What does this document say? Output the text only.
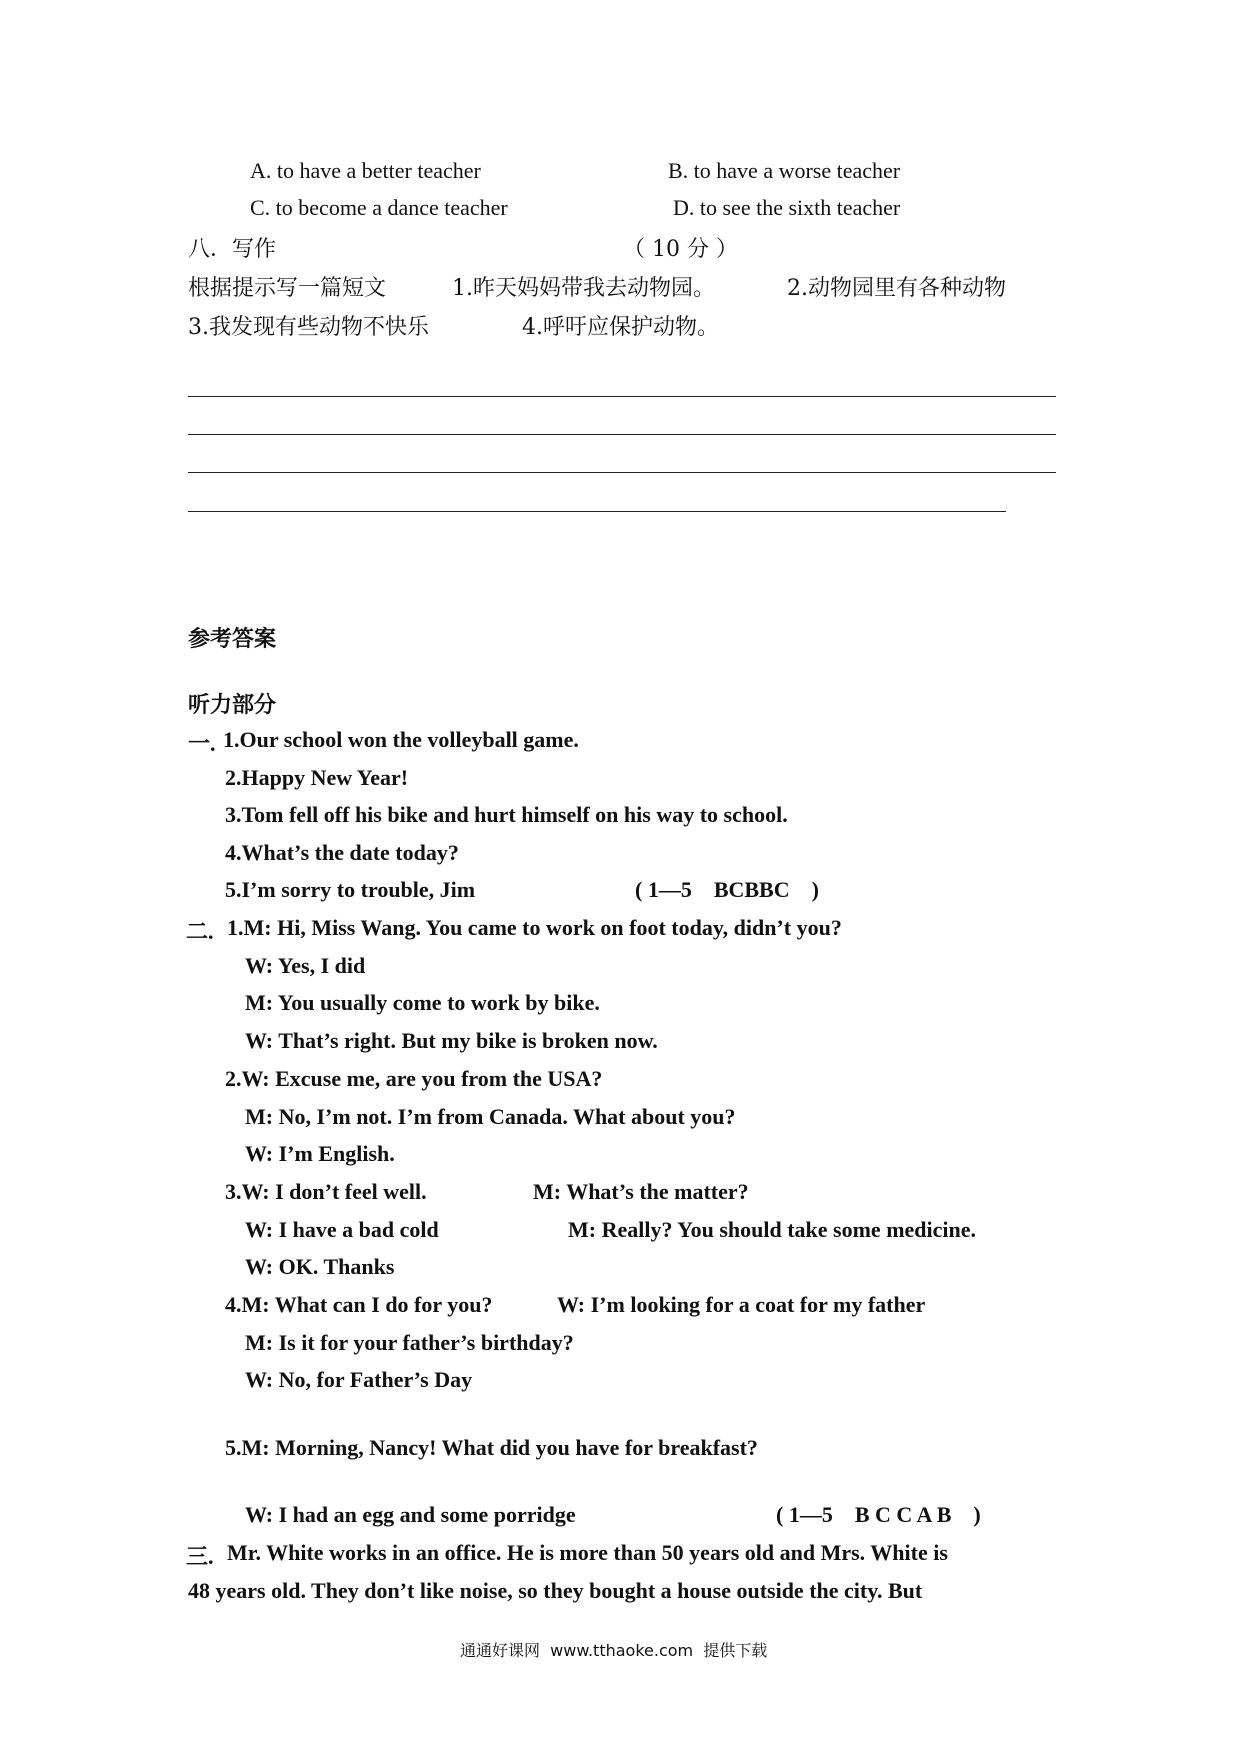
A. to have a better teacher	B. to have a worse teacher
C. to become a dance teacher	D. to see the sixth teacher
八．写作	（ 10 分 ）
根据提示写一篇短文	1.昨天妈妈带我去动物园。	2.动物园里有各种动物
3.我发现有些动物不快乐	4.呼吁应保护动物。
参考答案
听力部分
一. 1.Our school won the volleyball game.
2.Happy New Year!
3.Tom fell off his bike and hurt himself on his way to school.
4.What’s the date today?
5.I’m sorry to trouble, Jim	( 1—5    BCBBC    )
二. 1.M: Hi, Miss Wang. You came to work on foot today, didn’t you?
W: Yes, I did
M: You usually come to work by bike.
W: That’s right. But my bike is broken now.
2.W: Excuse me, are you from the USA?
M: No, I’m not. I’m from Canada. What about you?
W: I’m English.
3.W: I don’t feel well.	M: What’s the matter?
W: I have a bad cold	M: Really? You should take some medicine.
W: OK. Thanks
4.M: What can I do for you?	W: I’m looking for a coat for my father
M: Is it for your father’s birthday?
W: No, for Father’s Day
5.M: Morning, Nancy! What did you have for breakfast?
W: I had an egg and some porridge	( 1—5    B C C A B    )
三. Mr. White works in an office. He is more than 50 years old and Mrs. White is
48 years old. They don’t like noise, so they bought a house outside the city. But
通通好课网  www.tthaoke.com  提供下载
